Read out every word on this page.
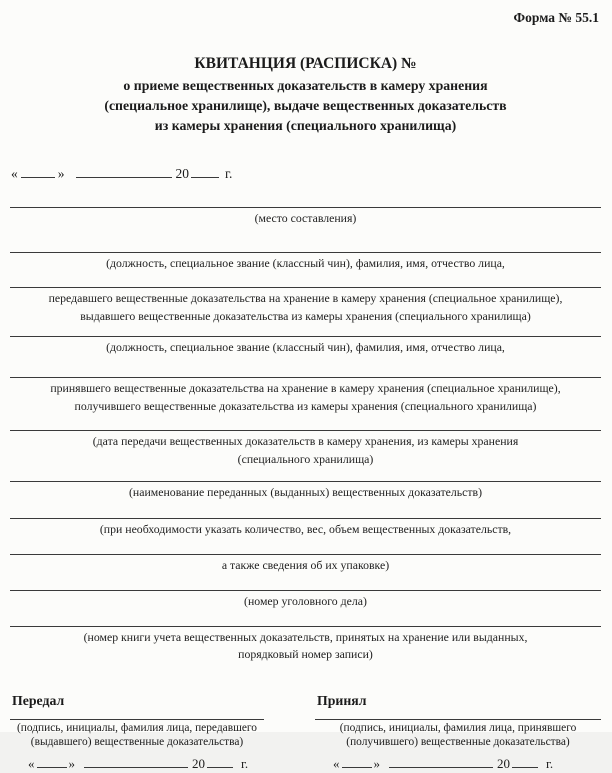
Форма № 55.1
КВИТАНЦИЯ (РАСПИСКА) №
о приеме вещественных доказательств в камеру хранения
(специальное хранилище), выдаче вещественных доказательств
из камеры хранения (специального хранилища)
«	»	20	г.
(место составления)
(должность, специальное звание (классный чин), фамилия, имя, отчество лица,
передавшего вещественные доказательства на хранение в камеру хранения (специальное хранилище),
выдавшего вещественные доказательства из камеры хранения (специального хранилища)
(должность, специальное звание (классный чин), фамилия, имя, отчество лица,
принявшего вещественные доказательства на хранение в камеру хранения (специальное хранилище),
получившего вещественные доказательства из камеры хранения (специального хранилища)
(дата передачи вещественных доказательств в камеру хранения, из камеры хранения
(специального хранилища)
(наименование переданных (выданных) вещественных доказательств)
(при необходимости указать количество, вес, объем вещественных доказательств,
а также сведения об их упаковке)
(номер уголовного дела)
(номер книги учета вещественных доказательств, принятых на хранение или выданных,
порядковый номер записи)
Передал
(подпись, инициалы, фамилия лица, передавшего
(выдавшего) вещественные доказательства)
«	»	20	г.
Принял
(подпись, инициалы, фамилия лица, принявшего
(получившего) вещественные доказательства)
«	»	20	г.
